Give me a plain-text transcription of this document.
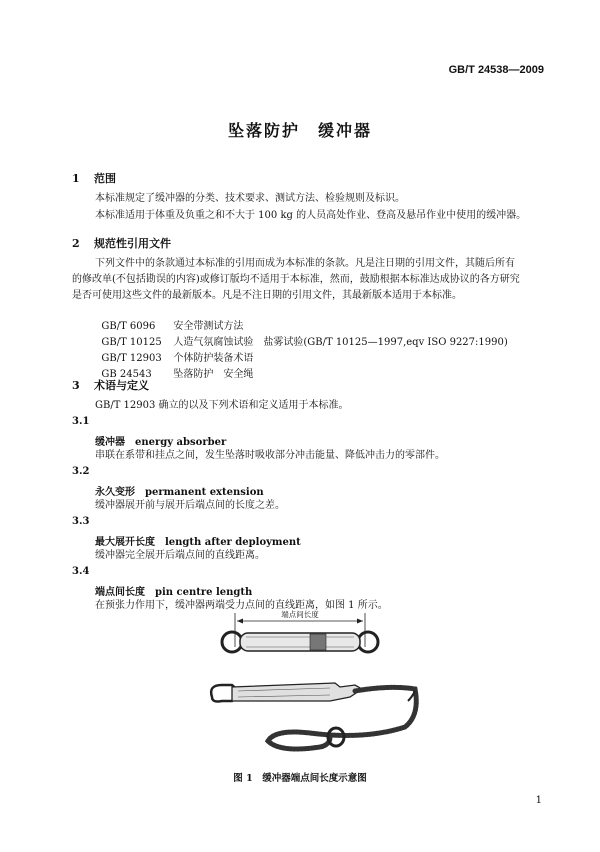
GB/T 24538—2009
坠落防护　缓冲器
1 范围
本标准规定了缓冲器的分类、技术要求、测试方法、检验规则及标识。
本标准适用于体重及负重之和不大于 100 kg 的人员高处作业、登高及悬吊作业中使用的缓冲器。
2 规范性引用文件
下列文件中的条款通过本标准的引用而成为本标准的条款。凡是注日期的引用文件，其随后所有
的修改单(不包括勘误的内容)或修订版均不适用于本标准，然而，鼓励根据本标准达成协议的各方研究
是否可使用这些文件的最新版本。凡是不注日期的引用文件，其最新版本适用于本标准。

GB/T 6096 安全带测试方法

GB/T 10125 人造气氛腐蚀试验　盐雾试验(GB/T 10125—1997,eqv ISO 9227:1990)

GB/T 12903 个体防护装备术语

GB 24543 坠落防护　安全绳

3 术语与定义
GB/T 12903 确立的以及下列术语和定义适用于本标准。
3.1
缓冲器 energy absorber
串联在系带和挂点之间，发生坠落时吸收部分冲击能量、降低冲击力的零部件。
3.2
永久变形 permanent extension
缓冲器展开前与展开后端点间的长度之差。
3.3
最大展开长度 length after deployment
缓冲器完全展开后端点间的直线距离。
3.4
端点间长度 pin centre length
在预张力作用下，缓冲器两端受力点间的直线距离，如图 1 所示。
端点间长度
图 1　缓冲器端点间长度示意图
1
